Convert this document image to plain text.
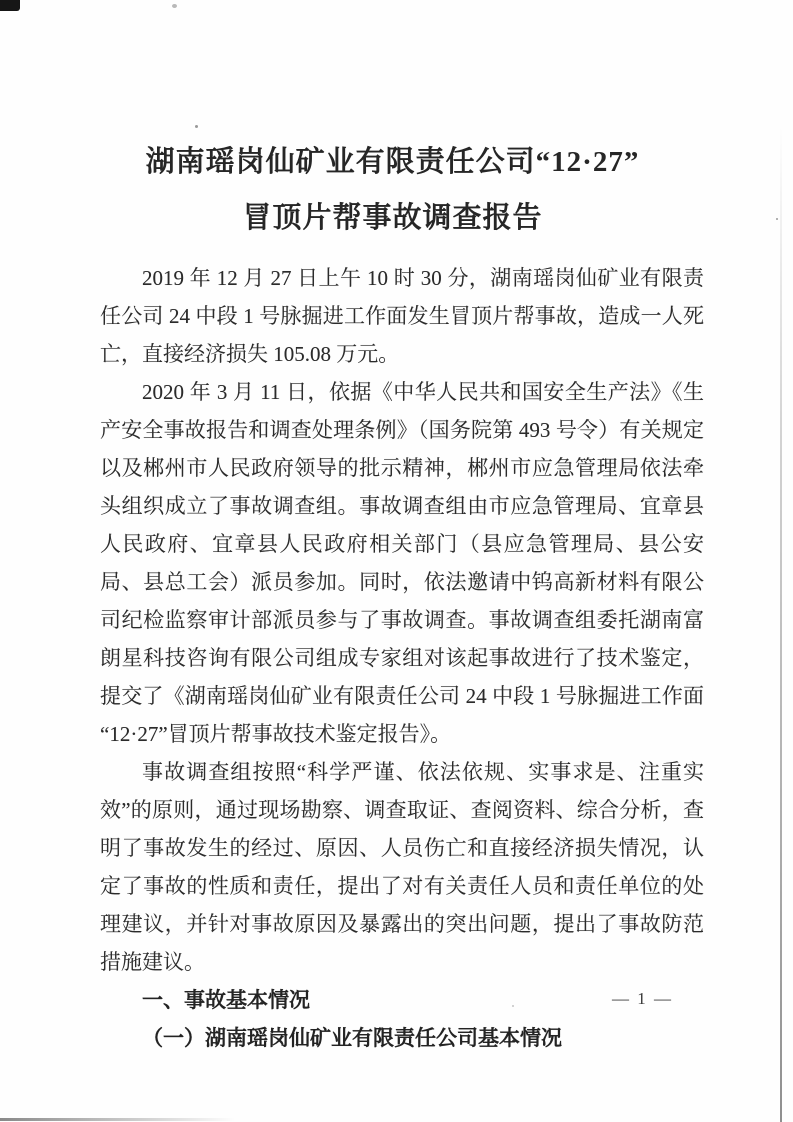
湖南瑶岗仙矿业有限责任公司“12·27”
冒顶片帮事故调查报告

2019 年 12 月 27 日上午 10 时 30 分，湖南瑶岗仙矿业有限责任公司 24 中段 1 号脉掘进工作面发生冒顶片帮事故，造成一人死亡，直接经济损失 105.08 万元。

2020 年 3 月 11 日，依据《中华人民共和国安全生产法》《生产安全事故报告和调查处理条例》（国务院第 493 号令）有关规定以及郴州市人民政府领导的批示精神，郴州市应急管理局依法牵头组织成立了事故调查组。事故调查组由市应急管理局、宜章县人民政府、宜章县人民政府相关部门（县应急管理局、县公安局、县总工会）派员参加。同时，依法邀请中钨高新材料有限公司纪检监察审计部派员参与了事故调查。事故调查组委托湖南富朗星科技咨询有限公司组成专家组对该起事故进行了技术鉴定，提交了《湖南瑶岗仙矿业有限责任公司 24 中段 1 号脉掘进工作面“12·27”冒顶片帮事故技术鉴定报告》。

事故调查组按照“科学严谨、依法依规、实事求是、注重实效”的原则，通过现场勘察、调查取证、查阅资料、综合分析，查明了事故发生的经过、原因、人员伤亡和直接经济损失情况，认定了事故的性质和责任，提出了对有关责任人员和责任单位的处理建议，并针对事故原因及暴露出的突出问题，提出了事故防范措施建议。

一、事故基本情况
（一）湖南瑶岗仙矿业有限责任公司基本情况
— 1 —
